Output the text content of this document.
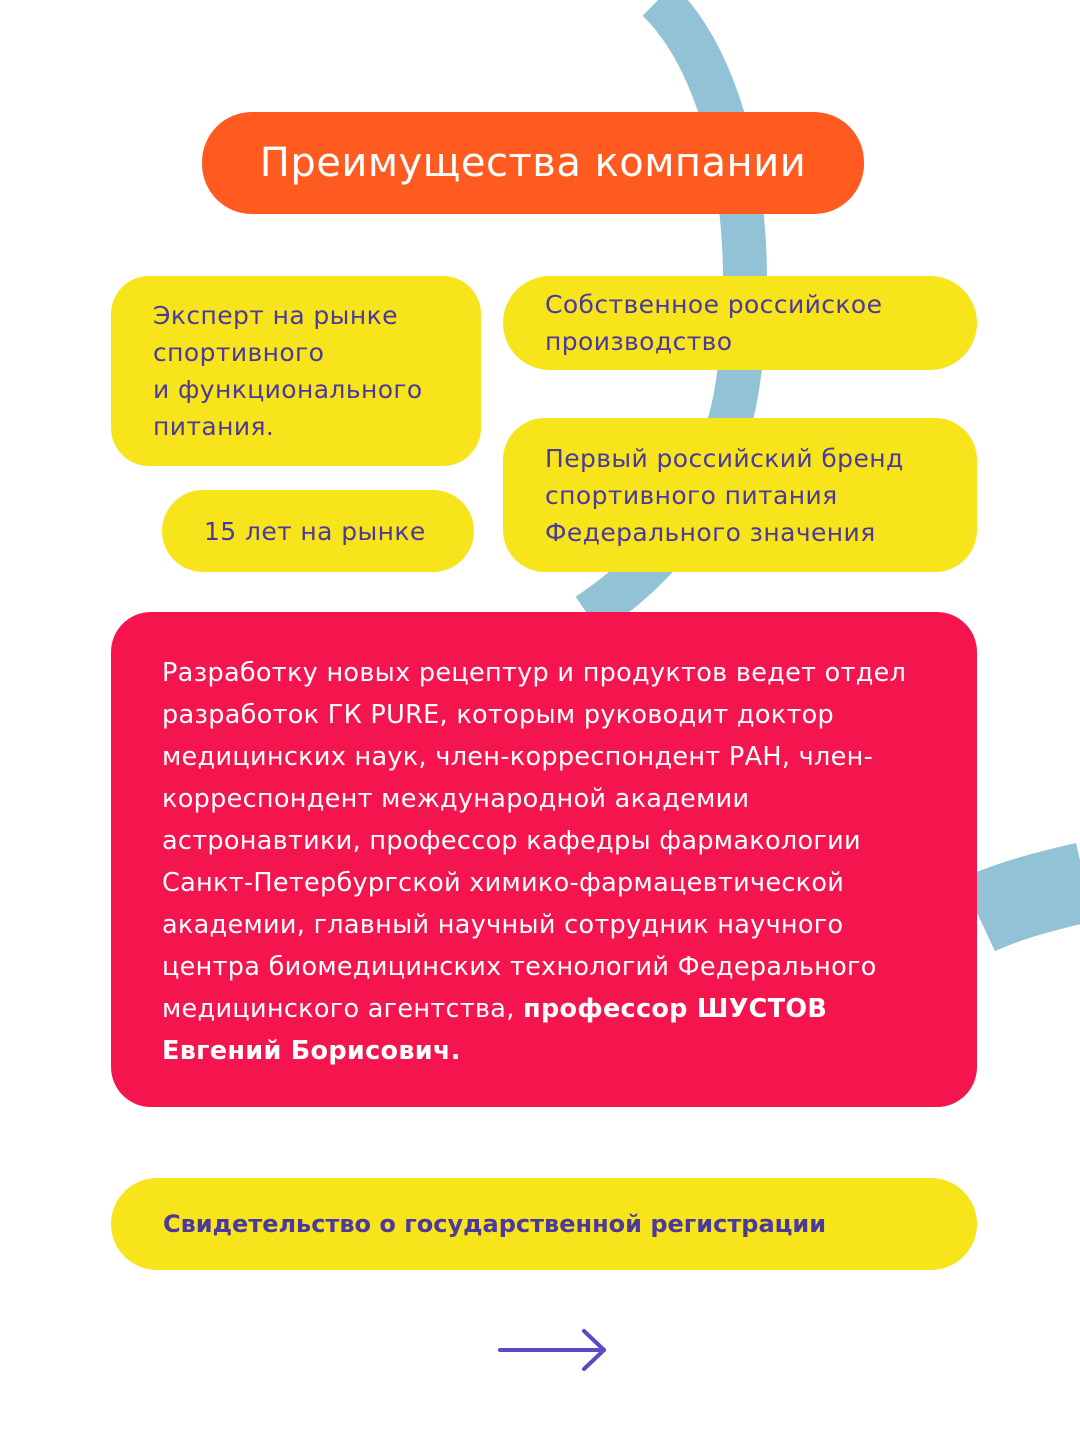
Преимущества компании
Эксперт на рынке
спортивного
и функционального
питания.
15 лет на рынке
Собственное российское
производство
Первый российский бренд
спортивного питания
Федерального значения
Разработку новых рецептур и продуктов ведет отдел разработок ГК PURE, которым руководит доктор медицинских наук, член-корреспондент РАН, член-корреспондент международной академии астронавтики, профессор кафедры фармакологии Санкт-Петербургской химико-фармацевтической академии, главный научный сотрудник научного центра биомедицинских технологий Федерального медицинского агентства, профессор ШУСТОВ Евгений Борисович.
Свидетельство о государственной регистрации
